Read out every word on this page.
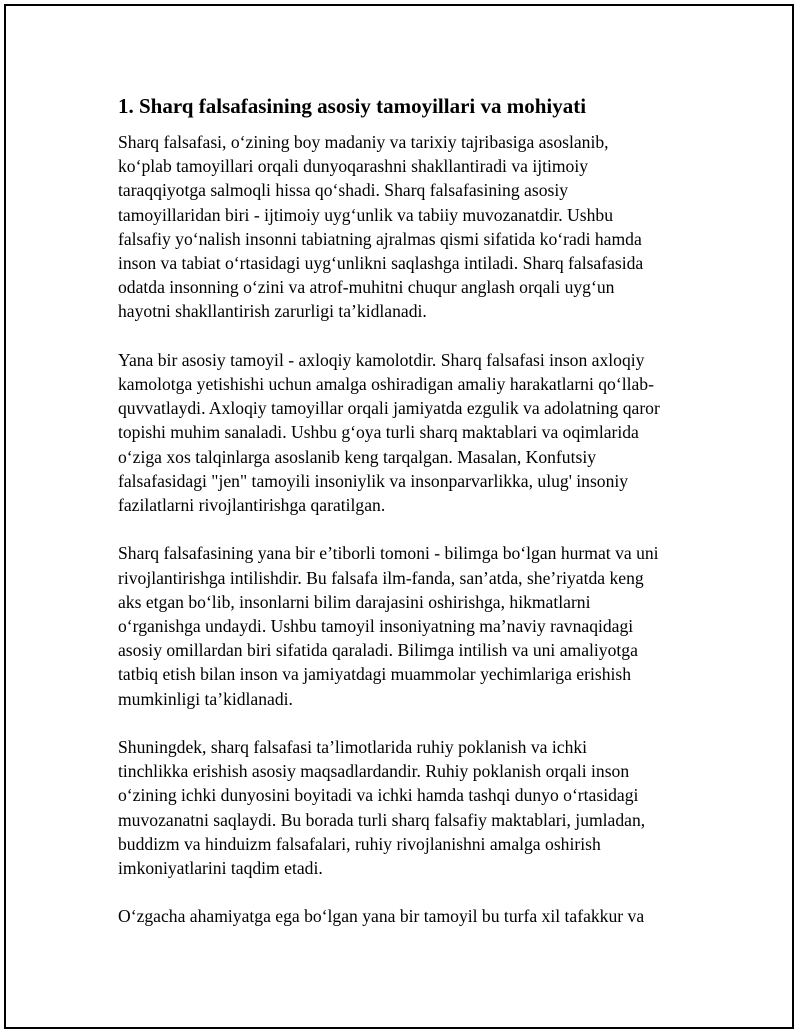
1. Sharq falsafasining asosiy tamoyillari va mohiyati
Sharq falsafasi, o‘zining boy madaniy va tarixiy tajribasiga asoslanib,
ko‘plab tamoyillari orqali dunyoqarashni shakllantiradi va ijtimoiy
taraqqiyotga salmoqli hissa qo‘shadi. Sharq falsafasining asosiy
tamoyillaridan biri - ijtimoiy uyg‘unlik va tabiiy muvozanatdir. Ushbu
falsafiy yo‘nalish insonni tabiatning ajralmas qismi sifatida ko‘radi hamda
inson va tabiat o‘rtasidagi uyg‘unlikni saqlashga intiladi. Sharq falsafasida
odatda insonning o‘zini va atrof-muhitni chuqur anglash orqali uyg‘un
hayotni shakllantirish zarurligi ta’kidlanadi.
Yana bir asosiy tamoyil - axloqiy kamolotdir. Sharq falsafasi inson axloqiy
kamolotga yetishishi uchun amalga oshiradigan amaliy harakatlarni qo‘llab-
quvvatlaydi. Axloqiy tamoyillar orqali jamiyatda ezgulik va adolatning qaror
topishi muhim sanaladi. Ushbu g‘oya turli sharq maktablari va oqimlarida
o‘ziga xos talqinlarga asoslanib keng tarqalgan. Masalan, Konfutsiy
falsafasidagi "jen" tamoyili insoniylik va insonparvarlikka, ulug' insoniy
fazilatlarni rivojlantirishga qaratilgan.
Sharq falsafasining yana bir e’tiborli tomoni - bilimga bo‘lgan hurmat va uni
rivojlantirishga intilishdir. Bu falsafa ilm-fanda, san’atda, she’riyatda keng
aks etgan bo‘lib, insonlarni bilim darajasini oshirishga, hikmatlarni
o‘rganishga undaydi. Ushbu tamoyil insoniyatning ma’naviy ravnaqidagi
asosiy omillardan biri sifatida qaraladi. Bilimga intilish va uni amaliyotga
tatbiq etish bilan inson va jamiyatdagi muammolar yechimlariga erishish
mumkinligi ta’kidlanadi.
Shuningdek, sharq falsafasi ta’limotlarida ruhiy poklanish va ichki
tinchlikka erishish asosiy maqsadlardandir. Ruhiy poklanish orqali inson
o‘zining ichki dunyosini boyitadi va ichki hamda tashqi dunyo o‘rtasidagi
muvozanatni saqlaydi. Bu borada turli sharq falsafiy maktablari, jumladan,
buddizm va hinduizm falsafalari, ruhiy rivojlanishni amalga oshirish
imkoniyatlarini taqdim etadi.
O‘zgacha ahamiyatga ega bo‘lgan yana bir tamoyil bu turfa xil tafakkur va
